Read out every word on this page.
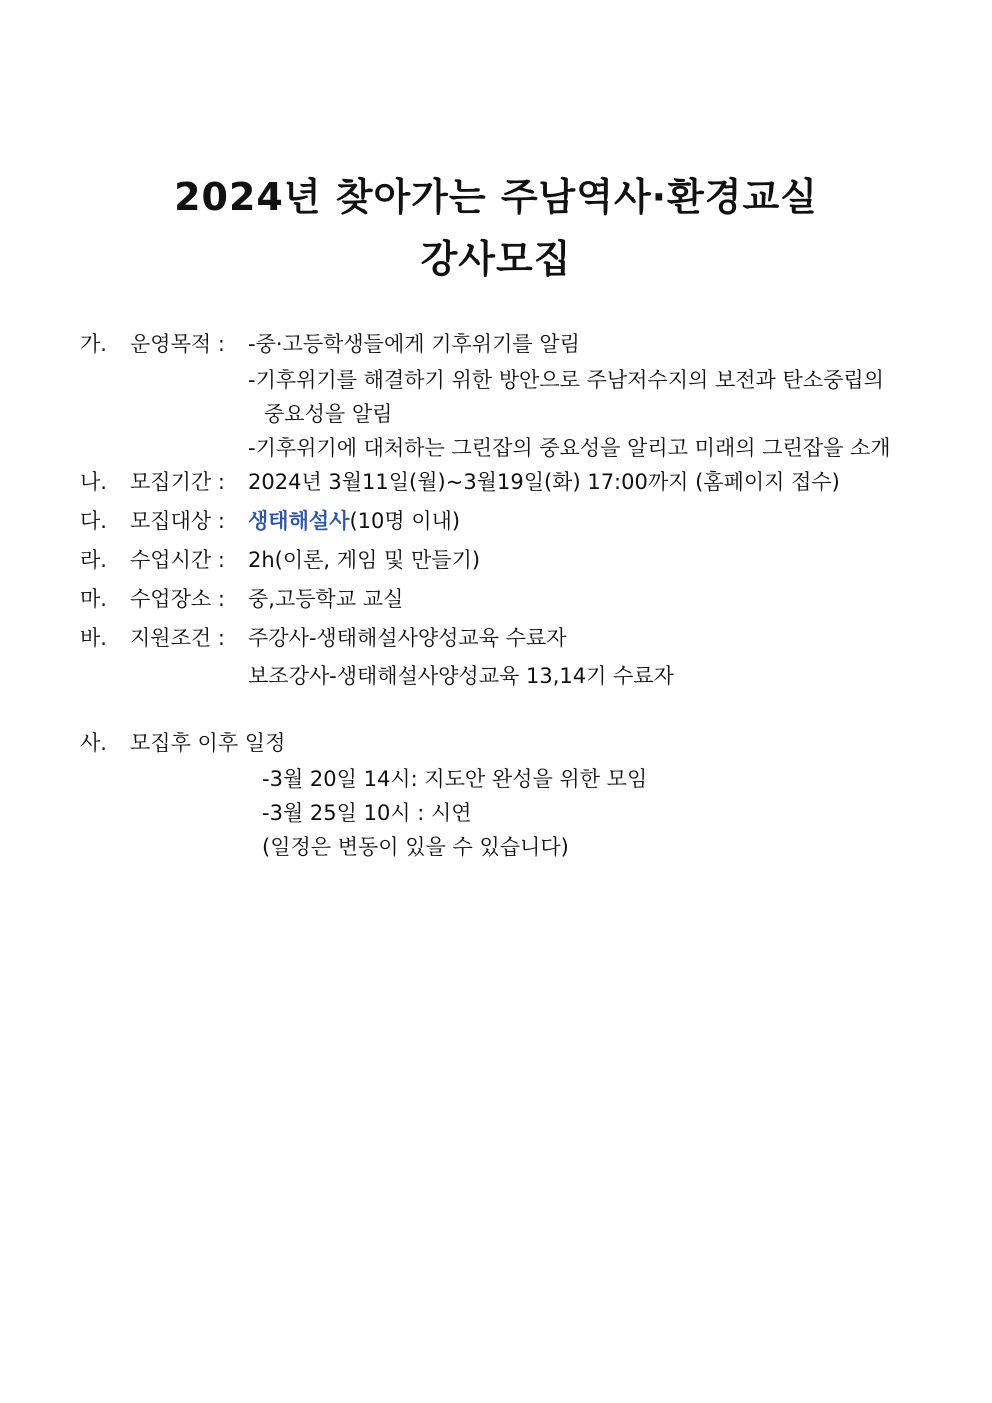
2024년 찾아가는 주남역사·환경교실
강사모집
가. 운영목적 : -중·고등학생들에게 기후위기를 알림
-기후위기를 해결하기 위한 방안으로 주남저수지의 보전과 탄소중립의
중요성을 알림
-기후위기에 대처하는 그린잡의 중요성을 알리고 미래의 그린잡을 소개
나. 모집기간 : 2024년 3월11일(월)~3월19일(화) 17:00까지 (홈페이지 접수)
다. 모집대상 : 생태해설사(10명 이내)
라. 수업시간 : 2h(이론, 게임 및 만들기)
마. 수업장소 : 중,고등학교 교실
바. 지원조건 : 주강사-생태해설사양성교육 수료자
보조강사-생태해설사양성교육 13,14기 수료자
사. 모집후 이후 일정
-3월 20일 14시: 지도안 완성을 위한 모임
-3월 25일 10시 : 시연
(일정은 변동이 있을 수 있습니다)
